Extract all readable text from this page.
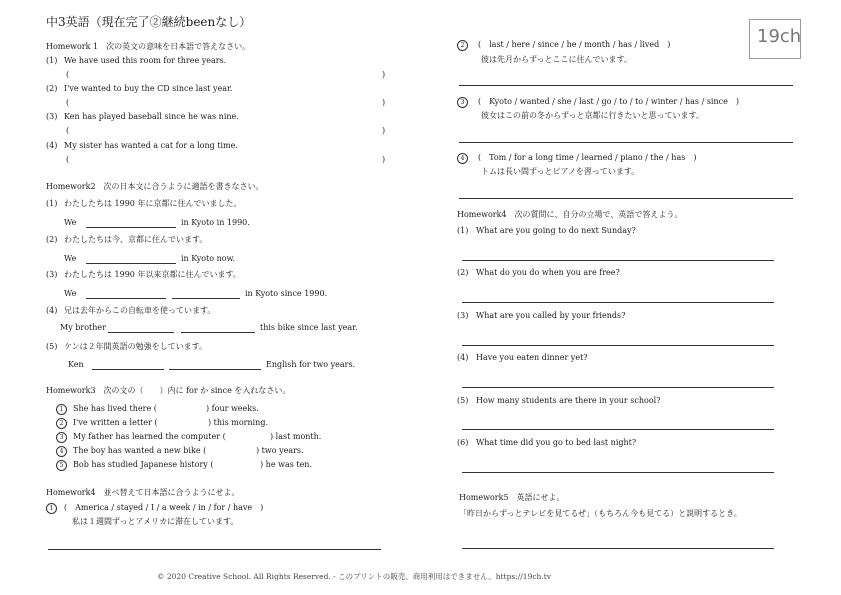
中3英語（現在完了②継続beenなし）
19ch
Homework 1　次の英文の意味を日本語で答えなさい。
(1) We have used this room for three years.
(	)
(2) I've wanted to buy the CD since last year.
(	)
(3) Ken has played baseball since he was nine.
(	)
(4) My sister has wanted a cat for a long time.
(	)
Homework2　次の日本文に合うように適語を書きなさい。
(1) わたしたちは 1990 年に京都に住んでいました。
We	in Kyoto in 1990.
(2) わたしたちは今、京都に住んでいます。
We	in Kyoto now.
(3) わたしたちは 1990 年以来京都に住んでいます。
We	in Kyoto since 1990.
(4) 兄は去年からこの自転車を使っています。
My brother	this bike since last year.
(5) ケンは２年間英語の勉強をしています。
Ken	English for two years.
Homework3　次の文の（　　）内に for か since を入れなさい。
1	She has lived there (	) four weeks.
2	I've written a letter (	) this morning.
3	My father has learned the computer (	) last month.
4	The boy has wanted a new bike (	) two years.
5	Bob has studied Japanese history (	) he was ten.
Homework4　並べ替えて日本語に合うようにせよ。
1	(　America / stayed / I / a week / in / for / have　)
私は１週間ずっとアメリカに滞在しています。
2	(　last / here / since / he / month / has / lived　)
彼は先月からずっとここに住んでいます。
3	(　Kyoto / wanted / she / last / go / to / to / winter / has / since　)
彼女はこの前の冬からずっと京都に行きたいと思っています。
4	(　Tom / for a long time / learned / piano / the / has　)
トムは長い間ずっとピアノを習っています。
Homework4　次の質問に、自分の立場で、英語で答えよう。
(1) What are you going to do next Sunday?
(2) What do you do when you are free?
(3) What are you called by your friends?
(4) Have you eaten dinner yet?
(5) How many students are there in your school?
(6) What time did you go to bed last night?
Homework5　英語にせよ。
「昨日からずっとテレビを見てるぜ」（もちろん今も見てる）と説明するとき。
© 2020 Creative School. All Rights Reserved. - このプリントの販売、商用利用はできません。https://19ch.tv
